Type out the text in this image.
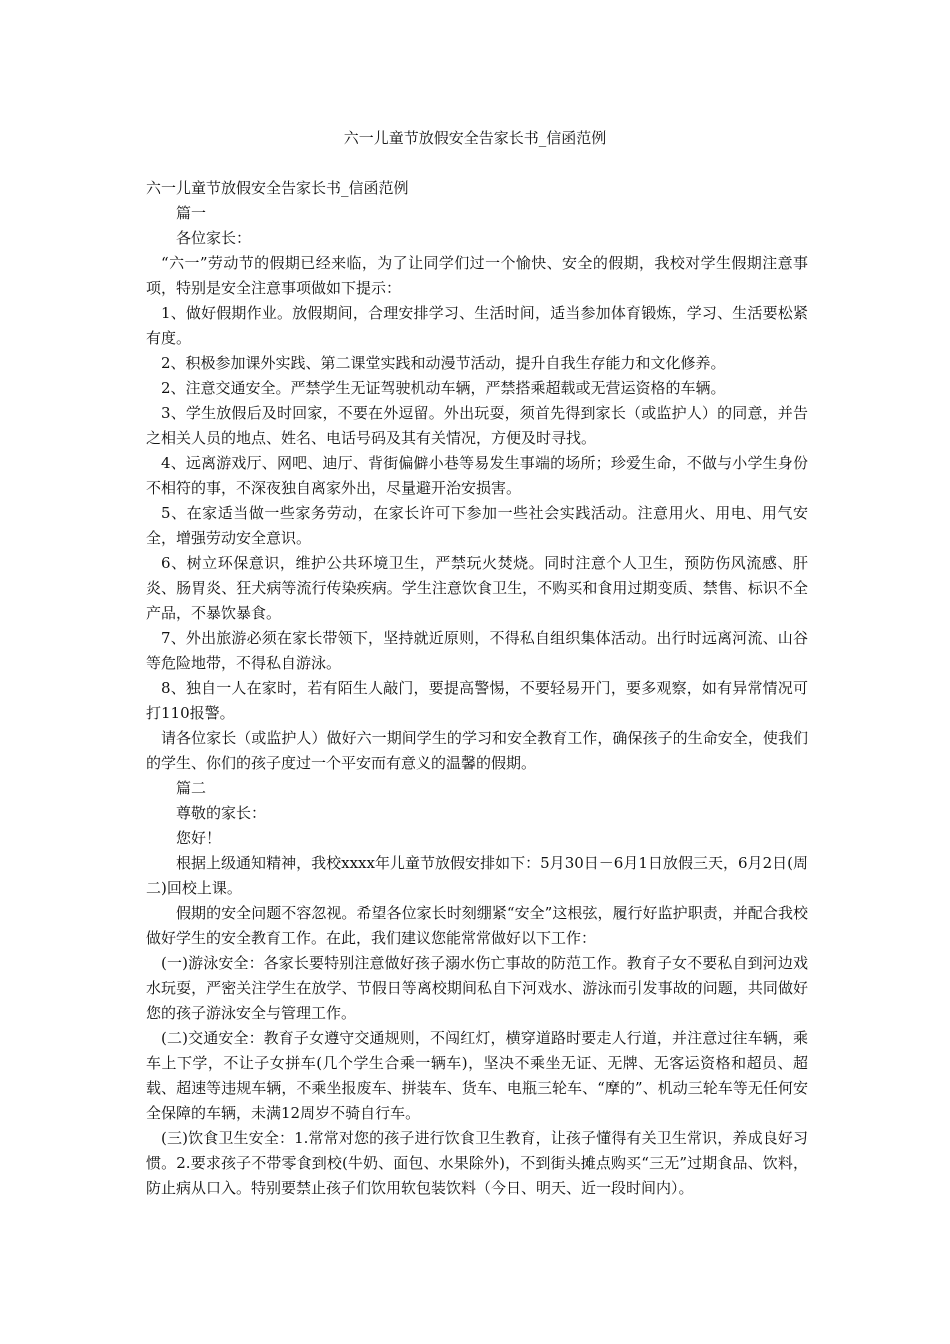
六一儿童节放假安全告家长书_信函范例

六一儿童节放假安全告家长书_信函范例

篇一

各位家长：

“六一”劳动节的假期已经来临，为了让同学们过一个愉快、安全的假期，我校对学生假期注意事项，特别是安全注意事项做如下提示：

1、做好假期作业。放假期间，合理安排学习、生活时间，适当参加体育锻炼，学习、生活要松紧有度。

2、积极参加课外实践、第二课堂实践和动漫节活动，提升自我生存能力和文化修养。

2、注意交通安全。严禁学生无证驾驶机动车辆，严禁搭乘超载或无营运资格的车辆。

3、学生放假后及时回家，不要在外逗留。外出玩耍，须首先得到家长（或监护人）的同意，并告之相关人员的地点、姓名、电话号码及其有关情况，方便及时寻找。

4、远离游戏厅、网吧、迪厅、背街偏僻小巷等易发生事端的场所；珍爱生命，不做与小学生身份不相符的事，不深夜独自离家外出，尽量避开治安损害。

5、在家适当做一些家务劳动，在家长许可下参加一些社会实践活动。注意用火、用电、用气安全，增强劳动安全意识。

6、树立环保意识，维护公共环境卫生，严禁玩火焚烧。同时注意个人卫生，预防伤风流感、肝炎、肠胃炎、狂犬病等流行传染疾病。学生注意饮食卫生，不购买和食用过期变质、禁售、标识不全产品，不暴饮暴食。

7、外出旅游必须在家长带领下，坚持就近原则，不得私自组织集体活动。出行时远离河流、山谷等危险地带，不得私自游泳。

8、独自一人在家时，若有陌生人敲门，要提高警惕，不要轻易开门，要多观察，如有异常情况可打110报警。

请各位家长（或监护人）做好六一期间学生的学习和安全教育工作，确保孩子的生命安全，使我们的学生、你们的孩子度过一个平安而有意义的温馨的假期。

篇二

尊敬的家长：

您好！

根据上级通知精神，我校xxxx年儿童节放假安排如下：5月30日－6月1日放假三天，6月2日(周二)回校上课。

假期的安全问题不容忽视。希望各位家长时刻绷紧“安全”这根弦，履行好监护职责，并配合我校做好学生的安全教育工作。在此，我们建议您能常常做好以下工作：

(一)游泳安全：各家长要特别注意做好孩子溺水伤亡事故的防范工作。教育子女不要私自到河边戏水玩耍，严密关注学生在放学、节假日等离校期间私自下河戏水、游泳而引发事故的问题，共同做好您的孩子游泳安全与管理工作。

(二)交通安全：教育子女遵守交通规则，不闯红灯，横穿道路时要走人行道，并注意过往车辆，乘车上下学，不让子女拼车(几个学生合乘一辆车)，坚决不乘坐无证、无牌、无客运资格和超员、超载、超速等违规车辆，不乘坐报废车、拼装车、货车、电瓶三轮车、“摩的”、机动三轮车等无任何安全保障的车辆，未满12周岁不骑自行车。

(三)饮食卫生安全：1.常常对您的孩子进行饮食卫生教育，让孩子懂得有关卫生常识，养成良好习惯。2.要求孩子不带零食到校(牛奶、面包、水果除外)，不到街头摊点购买“三无”过期食品、饮料，防止病从口入。特别要禁止孩子们饮用软包装饮料（今日、明天、近一段时间内）。
